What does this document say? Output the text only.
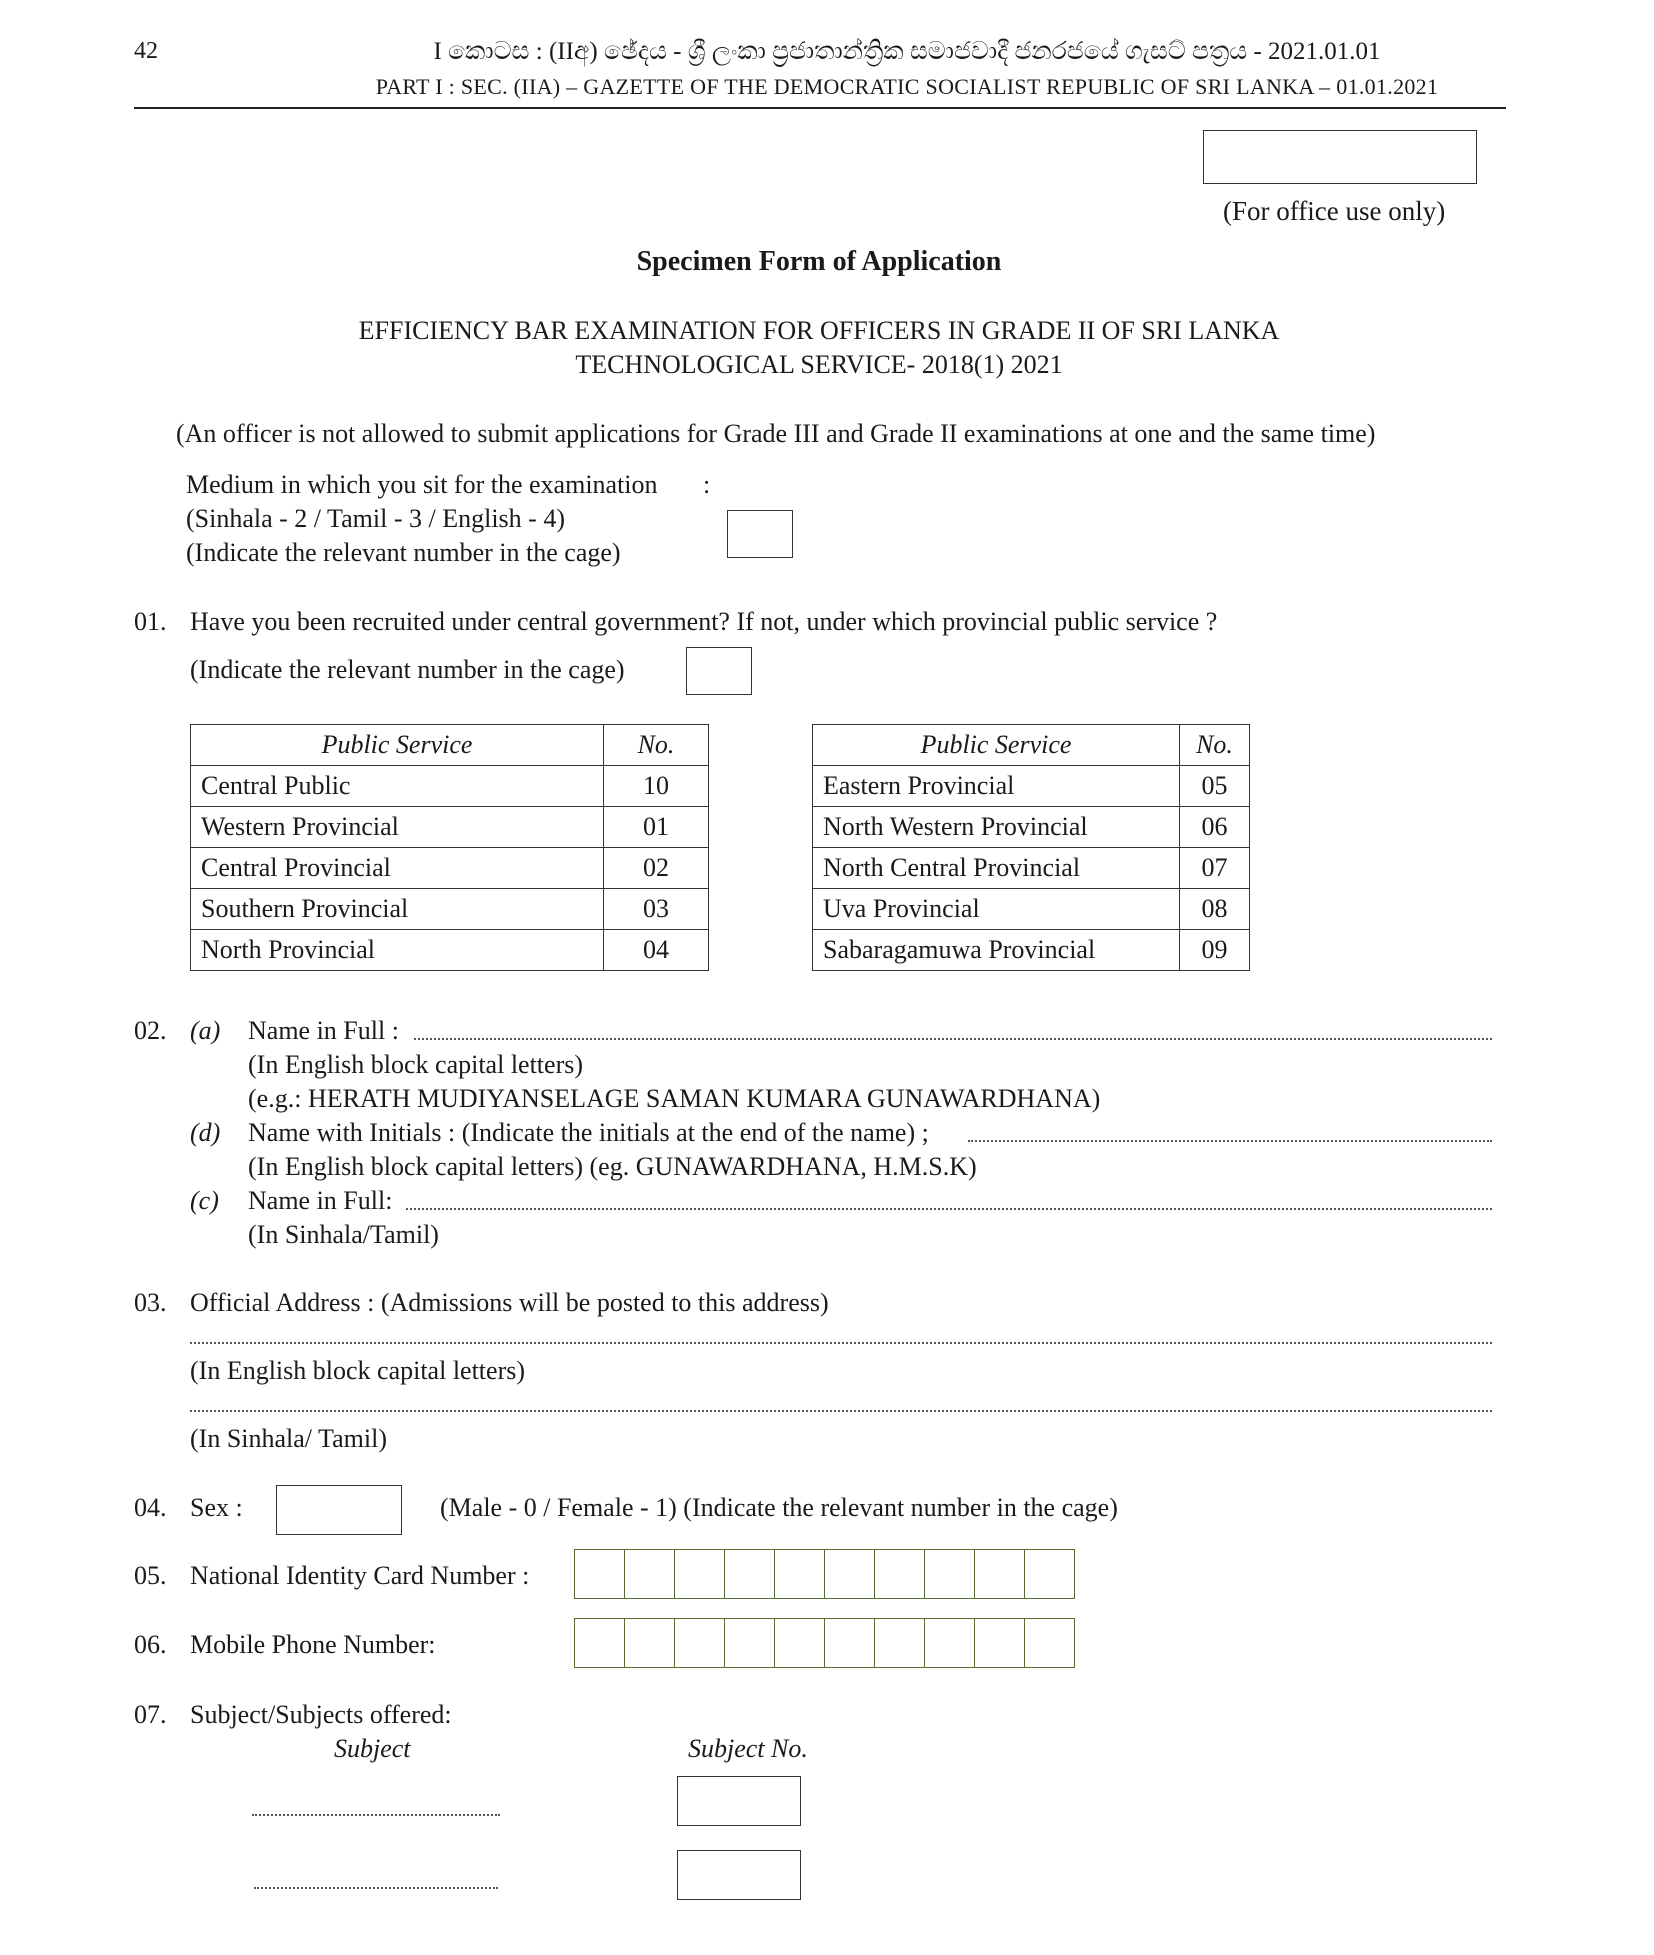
42	I කොටස : (IIඅ) ඡේදය - ශ්‍රී ලංකා ප්‍රජාතාන්ත්‍රික සමාජවාදී ජනරජයේ ගැසට් පත්‍රය - 2021.01.01
PART I : SEC. (IIA) – GAZETTE OF THE DEMOCRATIC SOCIALIST REPUBLIC OF SRI LANKA – 01.01.2021
(For office use only)
Specimen Form of Application
EFFICIENCY BAR EXAMINATION FOR OFFICERS IN GRADE II OF SRI LANKA
TECHNOLOGICAL SERVICE- 2018(1) 2021
(An officer is not allowed to submit applications for Grade III and Grade II examinations at one and the same time)
Medium in which you sit for the examination :
(Sinhala - 2 / Tamil - 3 / English - 4)
(Indicate the relevant number in the cage)
01. Have you been recruited under central government? If not, under which provincial public service ?
(Indicate the relevant number in the cage)
Public Service	No.
Central Public	10
Western Provincial	01
Central Provincial	02
Southern Provincial	03
North Provincial	04
Public Service	No.
Eastern Provincial	05
North Western Provincial	06
North Central Provincial	07
Uva Provincial	08
Sabaragamuwa Provincial	09
02. (a) Name in Full :
(In English block capital letters)
(e.g.: HERATH MUDIYANSELAGE SAMAN KUMARA GUNAWARDHANA)
(d) Name with Initials : (Indicate the initials at the end of the name) ;
(In English block capital letters) (eg. GUNAWARDHANA, H.M.S.K)
(c) Name in Full:
(In Sinhala/Tamil)
03. Official Address : (Admissions will be posted to this address)
(In English block capital letters)
(In Sinhala/ Tamil)
04. Sex :	(Male - 0 / Female - 1) (Indicate the relevant number in the cage)
05. National Identity Card Number :
06. Mobile Phone Number:
07. Subject/Subjects offered:
Subject	Subject No.
